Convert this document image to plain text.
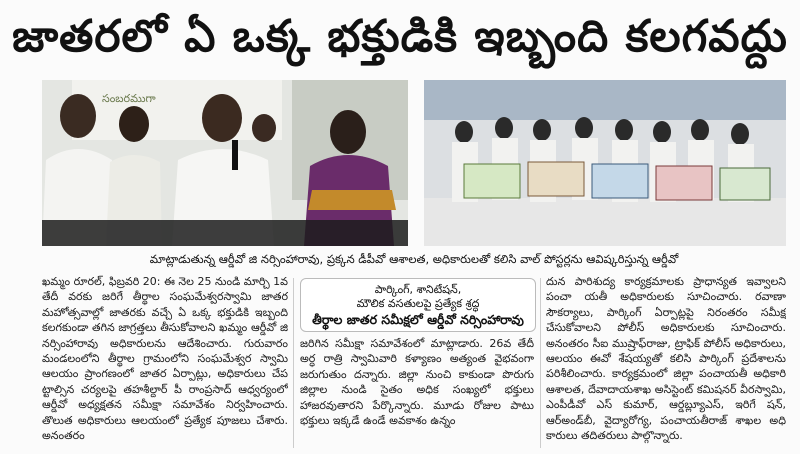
జాతరలో ఏ ఒక్క భక్తుడికి ఇబ్బంది కలగవద్దు
సంబరముగా
మాట్లాడుతున్న ఆర్డీవో జి నర్సింహారావు, ప్రక్కన డీపీవో ఆశాలత, అధికారులతో కలిసి వాల్ పోస్టర్లను ఆవిష్కరిస్తున్న ఆర్డీవో
ఖమ్మం రూరల్, ఫిబ్రవరి 20: ఈ నెల 25 నుండి మార్చి 1వ తేదీ వరకు జరిగే తీర్థాల సంఘమేశ్వరస్వామి జాతర మహోత్సవాల్లో జాతరకు వచ్చే ఏ ఒక్క భక్తుడికి ఇబ్బంది కలగకుండా తగిన జాగ్రత్తలు తీసుకోవాలని ఖమ్మం ఆర్డీవో జి నర్సింహారావు అధికారులను ఆదేశించారు. గురువారం మండలంలోని తీర్థాల గ్రామంలోని సంఘమేశ్వర స్వామి ఆలయం ప్రాంగణంలో జాతర ఏర్పాట్లు, అధికారులు చేప ట్టాల్సిన చర్యలపై తహశీల్దార్ పీ రాంప్రసాద్ ఆధ్వర్యంలో ఆర్డీవో అధ్యక్షతన సమీక్షా సమావేశం నిర్వహించారు. తొలుత అధికారులు ఆలయంలో ప్రత్యేక పూజలు చేశారు. అనంతరం
పార్కింగ్, శానిటేషన్,
మౌలిక వసతులపై ప్రత్యేక శ్రద్ధ
తీర్థాల జాతర సమీక్షలో ఆర్డీవో నర్సింహారావు
జరిగిన సమీక్షా సమావేశంలో మాట్లాడారు. 26వ తేదీ అర్ధ రాత్రి స్వామివారి కళ్యాణం అత్యంత వైభవంగా జరుగుతుం దన్నారు. జిల్లా నుంచి కాకుండా పొరుగు జిల్లాల నుండి సైతం అధిక సంఖ్యలో భక్తులు హాజరవుతారని పేర్కొన్నారు. మూడు రోజుల పాటు భక్తులు ఇక్కడే ఉండే అవకాశం ఉన్నం
దున పారిశుద్య కార్యక్రమాలకు ప్రాధాన్యత ఇవ్వాలని పంచా యతీ అధికారులకు సూచించారు. రవాణా సౌకర్యాలు, పార్కింగ్ ఏర్పాట్లపై నిరంతరం సమీక్ష చేసుకోవాలని పోలీస్ అధికారులకు సూచించారు. అనంతరం సీఐ ముష్రాఫ్‌రాజు, ట్రాఫిక్ పోలీస్ అధికారులు, ఆలయం ఈవో శేషయ్యతో కలిసి పార్కింగ్ ప్రదేశాలను పరిశీలించారు. కార్యక్రమంలో జిల్లా పంచాయతీ అధికారి ఆశాలత, దేవాదాయశాఖ అసిస్టెంట్ కమిషనర్ వీరస్వామి, ఎంపీడీవో ఎస్ కుమార్, ఆర్డబ్ల్యూఎస్, ఇరిగే షన్, ఆర్‌అండ్‌బీ, వైద్యారోగ్య, పంచాయతీరాజ్ శాఖల అధి కారులు తదితరులు పాల్గొన్నారు.
